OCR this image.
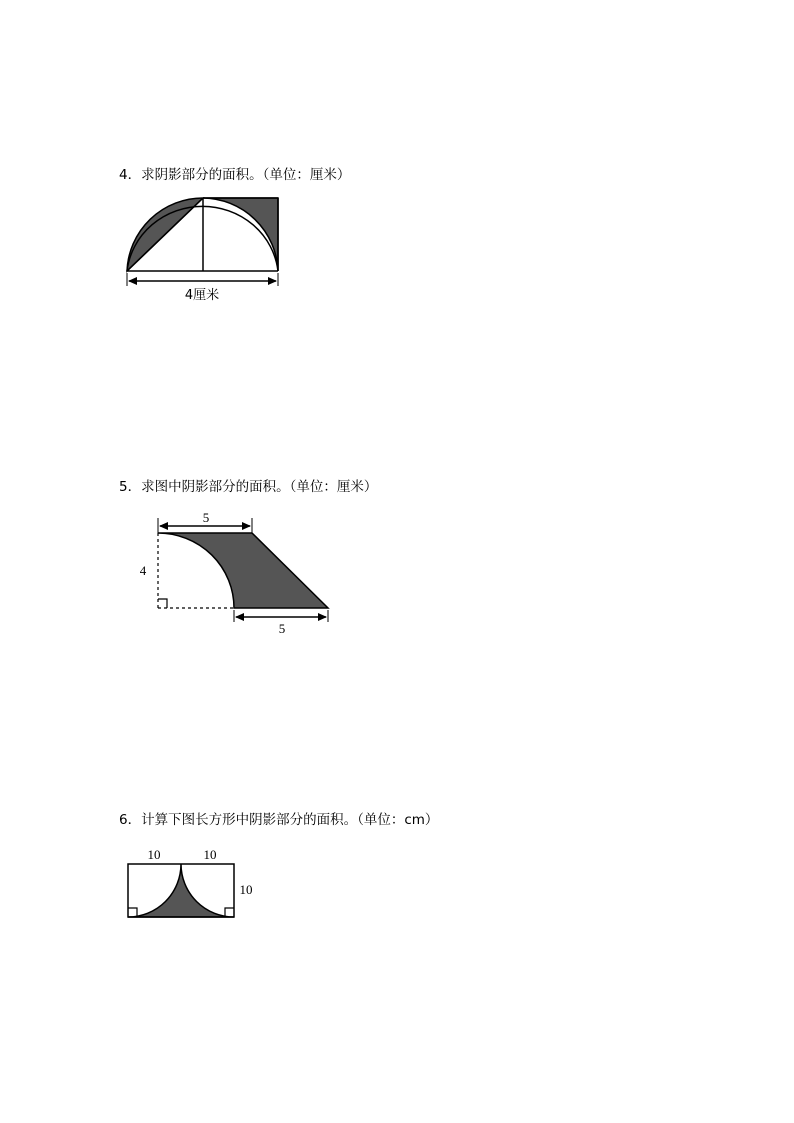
4．求阴影部分的面积。（单位：厘米）
4厘米
5．求图中阴影部分的面积。（单位：厘米）
5
4
5
6．计算下图长方形中阴影部分的面积。（单位：cm）
10	10
10
